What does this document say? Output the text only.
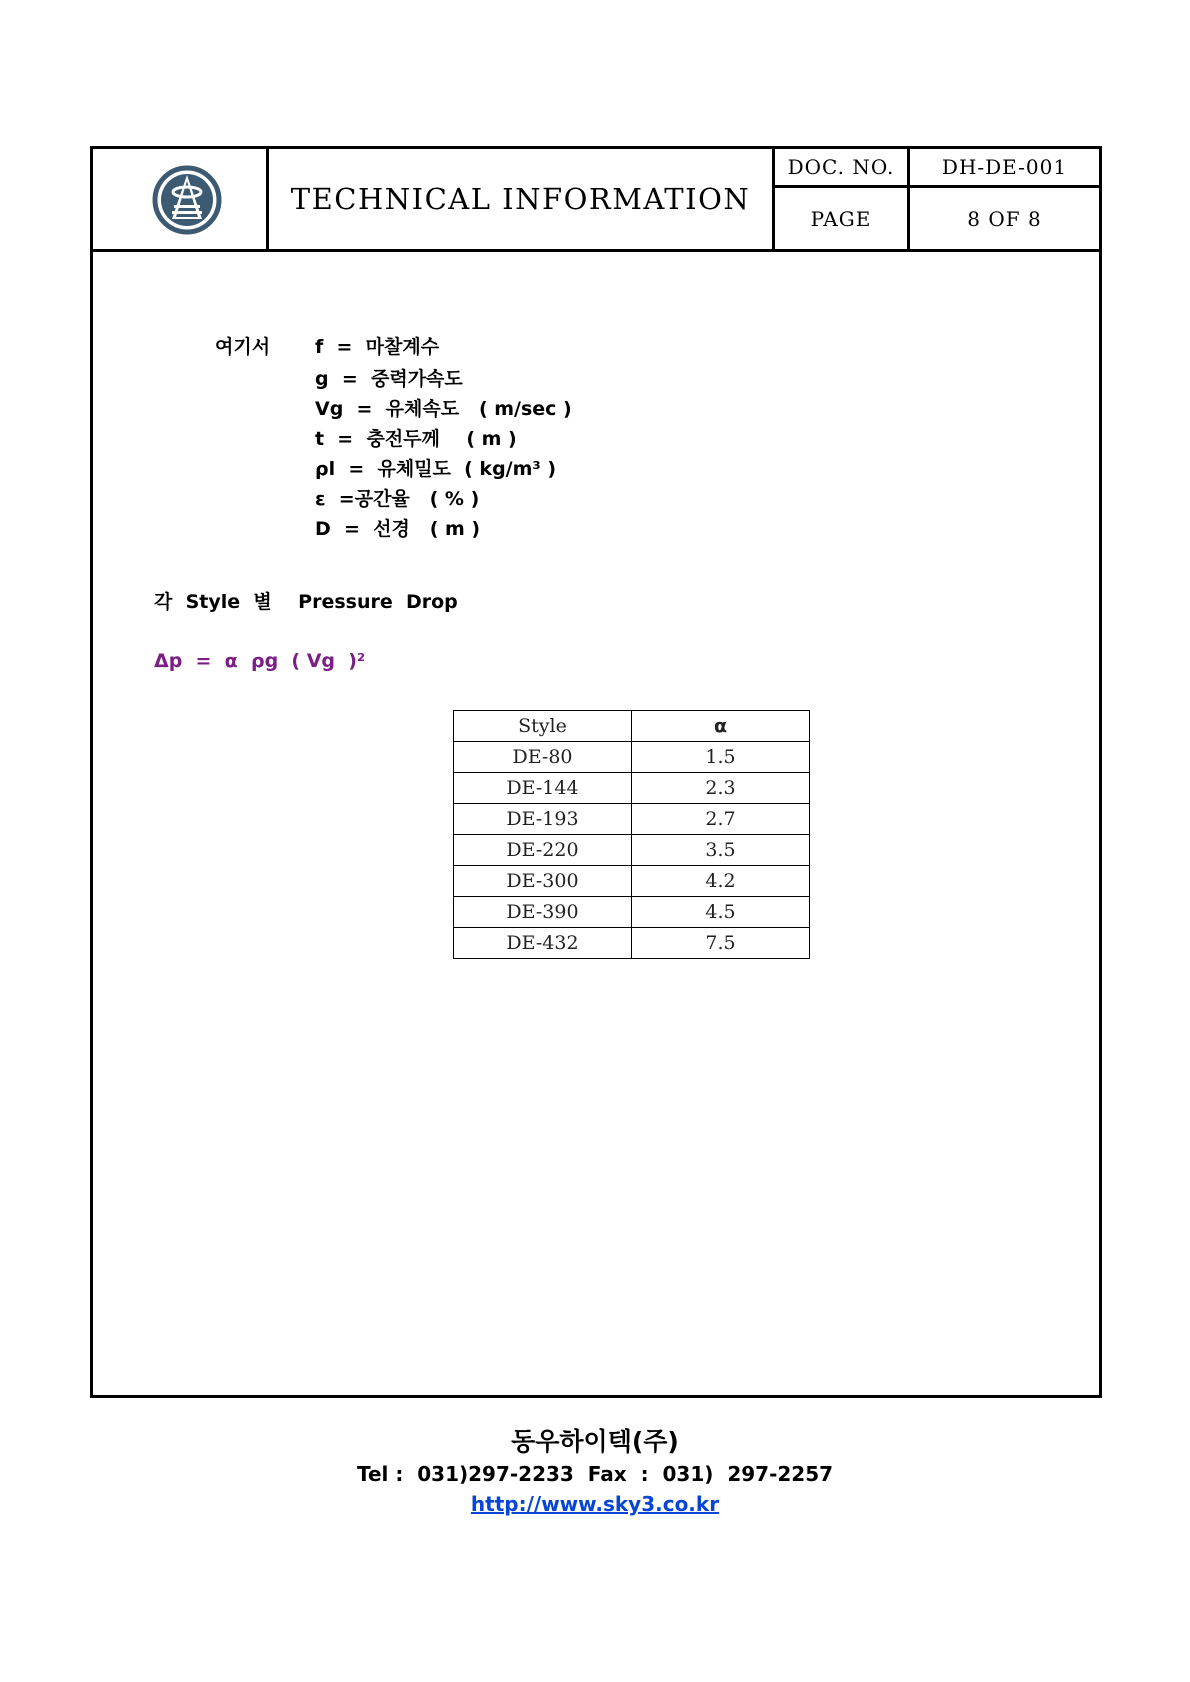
TECHNICAL INFORMATION
DOC. NO.	DH-DE-001
PAGE	8 OF 8
여기서 f  =  마찰계수
g  =  중력가속도
Vg  =  유체속도   ( m/sec )
t  =  충전두께    ( m )
ρl  =  유체밀도  ( kg/m³ )
ε  =공간율   ( % )
D  =  선경   ( m )
각  Style  별    Pressure  Drop
Δp  =  α  ρg  ( Vg  )²
Style	α
DE-80	1.5
DE-144	2.3
DE-193	2.7
DE-220	3.5
DE-300	4.2
DE-390	4.5
DE-432	7.5
동우하이텍(주)
Tel :  031)297-2233  Fax  :  031)  297-2257
http://www.sky3.co.kr
